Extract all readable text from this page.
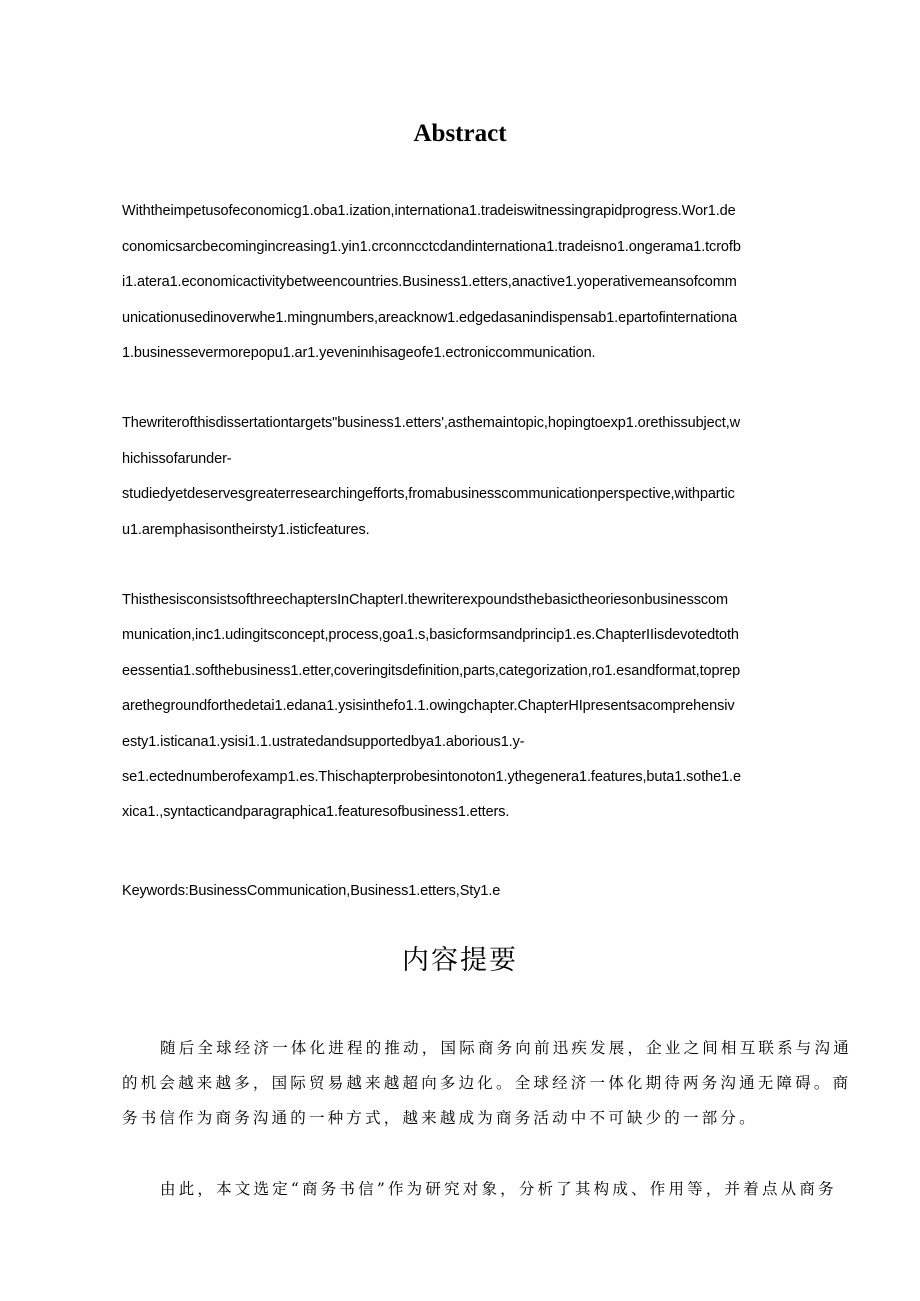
Abstract
Withtheimpetusofeconomicg1.oba1.ization,internationa1.tradeiswitnessingrapidprogress.Wor1.de
conomicsarcbecomingincreasing1.yin1.crconncctcdandinternationa1.tradeisno1.ongerama1.tcrofb
i1.atera1.economicactivitybetweencountries.Business1.etters,anactive1.yoperativemeansofcomm
unicationusedinoverwhe1.mingnumbers,areacknow1.edgedasanindispensab1.epartofinternationa
1.businessevermorepopu1.ar1.yeveninιhisageofe1.ectroniccommunication.
Thewriterofthisdissertationtargets"business1.etters',asthemaintopic,hopingtoexp1.orethissubject,w
hichissofarunder-
studiedyetdeservesgreaterresearchingefforts,fromabusinesscommunicationperspective,withpartic
u1.aremphasisontheirsty1.isticfeatures.
ThisthesisconsistsofthreechaptersInChapterI.thewriterexpoundsthebasictheoriesonbusinesscom
munication,inc1.udingitsconcept,process,goa1.s,basicformsandprincip1.es.ChapterIIisdevotedtoth
eessentia1.softhebusiness1.etter,coveringitsdefinition,parts,categorization,ro1.esandformat,toprep
arethegroundforthedetai1.edana1.ysisinthefo1.1.owingchapter.ChapterHIpresentsacomprehensiv
esty1.isticana1.ysisi1.1.ustratedandsupportedbya1.aborious1.y-
se1.ectednumberofexamp1.es.Thischapterprobesintonoton1.ythegenera1.features,buta1.sothe1.e
xica1.,syntacticandparagraphica1.featuresofbusiness1.etters.
Keywords:BusinessCommunication,Business1.etters,Sty1.e
内容提要
随后全球经济一体化进程的推动，国际商务向前迅疾发展，企业之间相互联系与沟通
的机会越来越多，国际贸易越来越超向多边化。全球经济一体化期待两务沟通无障碍。商
务书信作为商务沟通的一种方式，越来越成为商务活动中不可缺少的一部分。
由此，本文选定“商务书信”作为研究对象，分析了其构成、作用等，并着点从商务
